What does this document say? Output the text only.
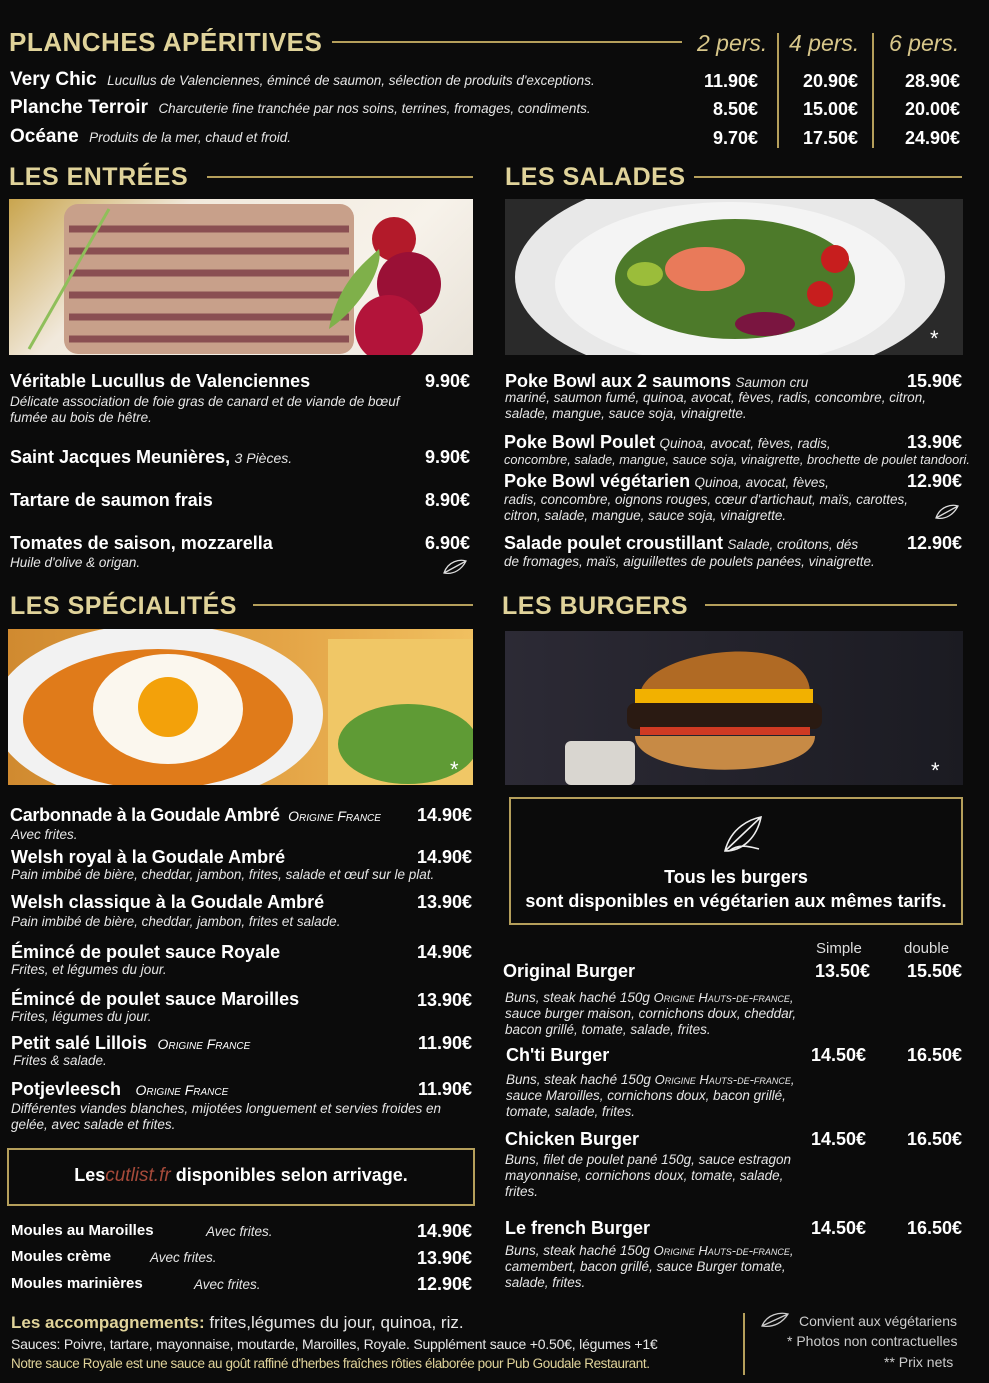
PLANCHES APÉRITIVES	2 pers. 4 pers. 6 pers.
Very Chic Lucullus de Valenciennes, émincé de saumon, sélection de produits d'exceptions.	11.90€	20.90€	28.90€
Planche Terroir Charcuterie fine tranchée par nos soins, terrines, fromages, condiments.	8.50€	15.00€	20.00€
Océane Produits de la mer, chaud et froid.	9.70€	17.50€	24.90€
LES ENTRÉES
Véritable Lucullus de Valenciennes	9.90€
Délicate association de foie gras de canard et de viande de bœuf fumée au bois de hêtre.
Saint Jacques Meunières, 3 Pièces.	9.90€
Tartare de saumon frais	8.90€
Tomates de saison, mozzarella	6.90€
Huile d'olive & origan.
LES SALADES
*
Poke Bowl aux 2 saumons Saumon cru	15.90€
mariné, saumon fumé, quinoa, avocat, fèves, radis, concombre, citron, salade, mangue, sauce soja, vinaigrette.
Poke Bowl Poulet Quinoa, avocat, fèves, radis,	13.90€
concombre, salade, mangue, sauce soja, vinaigrette, brochette de poulet tandoori.
Poke Bowl végétarien Quinoa, avocat, fèves,	12.90€
radis, concombre, oignons rouges, cœur d'artichaut, maïs, carottes, citron, salade, mangue, sauce soja, vinaigrette.
Salade poulet croustillant Salade, croûtons, dés	12.90€
de fromages, maïs, aiguillettes de poulets panées, vinaigrette.
LES SPÉCIALITÉS
*
Carbonnade à la Goudale Ambré Origine France	14.90€
Avec frites.
Welsh royal à la Goudale Ambré	14.90€
Pain imbibé de bière, cheddar, jambon, frites, salade et œuf sur le plat.
Welsh classique à la Goudale Ambré	13.90€
Pain imbibé de bière, cheddar, jambon, frites et salade.
Émincé de poulet sauce Royale	14.90€
Frites, et légumes du jour.
Émincé de poulet sauce Maroilles	13.90€
Frites, légumes du jour.
Petit salé Lillois Origine France	11.90€
Frites & salade.
Potjevleesch Origine France	11.90€
Différentes viandes blanches, mijotées longuement et servies froides en gelée, avec salade et frites.
Lescutlist.fr disponibles selon arrivage.
Moules au Maroilles	Avec frites.	14.90€
Moules crème	Avec frites.	13.90€
Moules marinières	Avec frites.	12.90€
LES BURGERS
*
Tous les burgers
sont disponibles en végétarien aux mêmes tarifs.
Simple	double
Original Burger	13.50€	15.50€
Buns, steak haché 150g Origine Hauts-de-france, sauce burger maison, cornichons doux, cheddar, bacon grillé, tomate, salade, frites.
Ch'ti Burger	14.50€	16.50€
Buns, steak haché 150g Origine Hauts-de-france, sauce Maroilles, cornichons doux, bacon grillé, tomate, salade, frites.
Chicken Burger	14.50€	16.50€
Buns, filet de poulet pané 150g, sauce estragon mayonnaise, cornichons doux, tomate, salade, frites.
Le french Burger	14.50€	16.50€
Buns, steak haché 150g Origine Hauts-de-france, camembert, bacon grillé, sauce Burger tomate, salade, frites.
Les accompagnements: frites,légumes du jour, quinoa, riz.
Sauces: Poivre, tartare, mayonnaise, moutarde, Maroilles, Royale. Supplément sauce +0.50€, légumes +1€
Notre sauce Royale est une sauce au goût raffiné d'herbes fraîches rôties élaborée pour Pub Goudale Restaurant.
Convient aux végétariens
* Photos non contractuelles
** Prix nets
